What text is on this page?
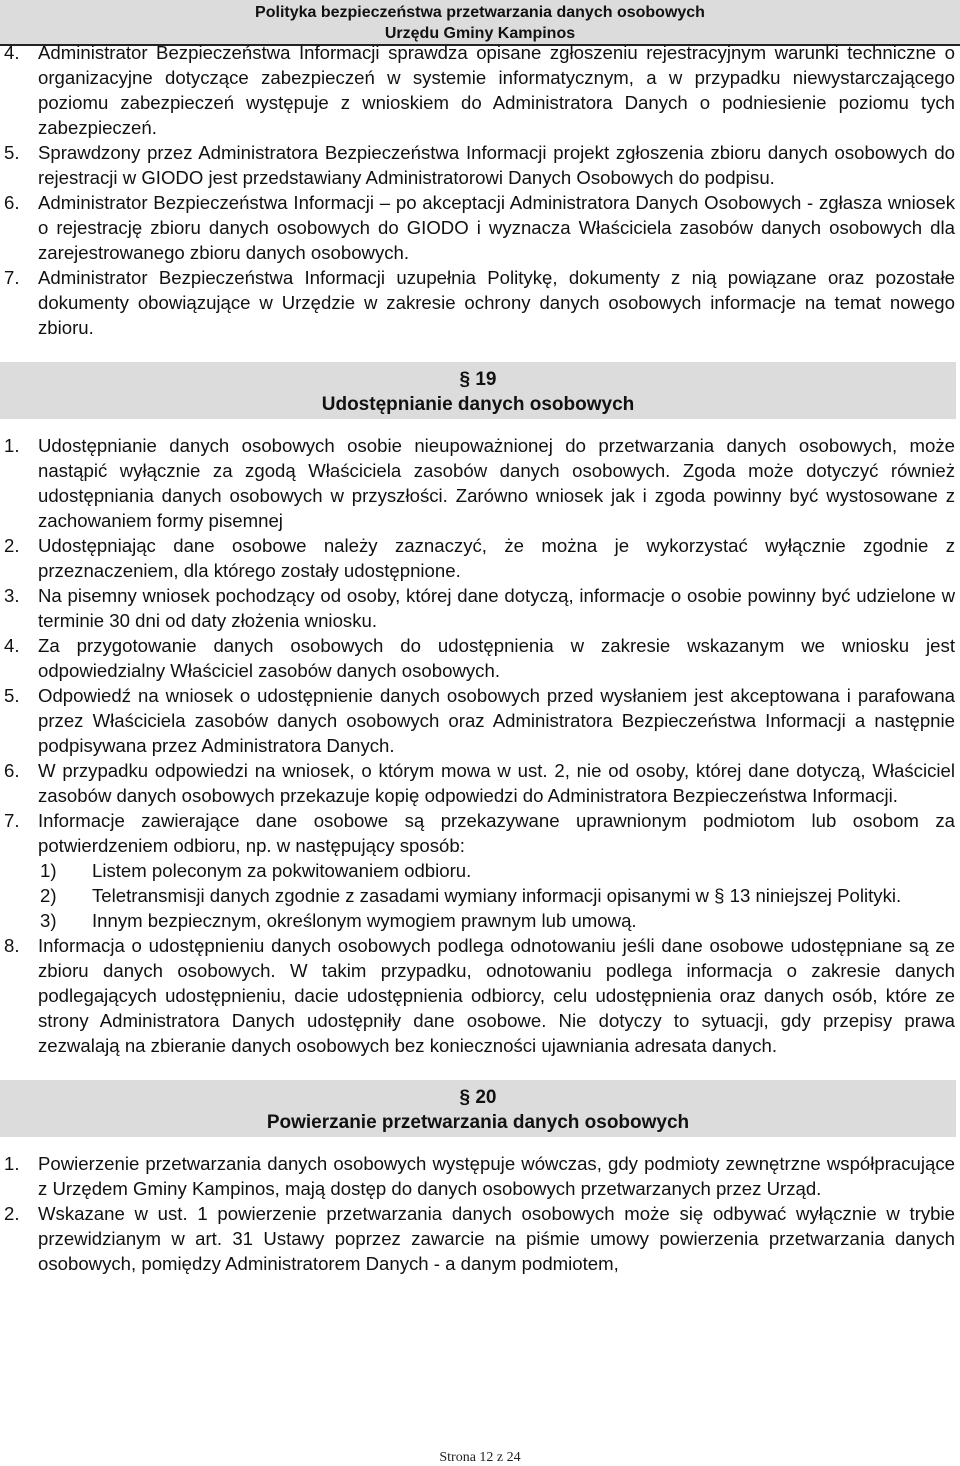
Polityka bezpieczeństwa przetwarzania danych osobowych
Urzędu Gminy Kampinos
4. Administrator Bezpieczeństwa Informacji sprawdza opisane zgłoszeniu rejestracyjnym warunki techniczne o organizacyjne dotyczące zabezpieczeń w systemie informatycznym, a w przypadku niewystarczającego poziomu zabezpieczeń występuje z wnioskiem do Administratora Danych o podniesienie poziomu tych zabezpieczeń.
5. Sprawdzony przez Administratora Bezpieczeństwa Informacji projekt zgłoszenia zbioru danych osobowych do rejestracji w GIODO jest przedstawiany Administratorowi Danych Osobowych do podpisu.
6. Administrator Bezpieczeństwa Informacji – po akceptacji Administratora Danych Osobowych - zgłasza wniosek o rejestrację zbioru danych osobowych do GIODO i wyznacza Właściciela zasobów danych osobowych dla zarejestrowanego zbioru danych osobowych.
7. Administrator Bezpieczeństwa Informacji uzupełnia Politykę, dokumenty z nią powiązane oraz pozostałe dokumenty obowiązujące w Urzędzie w zakresie ochrony danych osobowych informacje na temat nowego zbioru.
§ 19
Udostępnianie danych osobowych
1. Udostępnianie danych osobowych osobie nieupoważnionej do przetwarzania danych osobowych, może nastąpić wyłącznie za zgodą Właściciela zasobów danych osobowych. Zgoda może dotyczyć również udostępniania danych osobowych w przyszłości. Zarówno wniosek jak i zgoda powinny być wystosowane z zachowaniem formy pisemnej
2. Udostępniając dane osobowe należy zaznaczyć, że można je wykorzystać wyłącznie zgodnie z przeznaczeniem, dla którego zostały udostępnione.
3. Na pisemny wniosek pochodzący od osoby, której dane dotyczą, informacje o osobie powinny być udzielone w terminie 30 dni od daty złożenia wniosku.
4. Za przygotowanie danych osobowych do udostępnienia w zakresie wskazanym we wniosku jest odpowiedzialny Właściciel zasobów danych osobowych.
5. Odpowiedź na wniosek o udostępnienie danych osobowych przed wysłaniem jest akceptowana i parafowana przez Właściciela zasobów danych osobowych oraz Administratora Bezpieczeństwa Informacji a następnie podpisywana przez Administratora Danych.
6. W przypadku odpowiedzi na wniosek, o którym mowa w ust. 2, nie od osoby, której dane dotyczą, Właściciel zasobów danych osobowych przekazuje kopię odpowiedzi do Administratora Bezpieczeństwa Informacji.
7. Informacje zawierające dane osobowe są przekazywane uprawnionym podmiotom lub osobom za potwierdzeniem odbioru, np. w następujący sposób:
1)	Listem poleconym za pokwitowaniem odbioru.
2)	Teletransmisji danych zgodnie z zasadami wymiany informacji opisanymi w § 13 niniejszej Polityki.
3)	Innym bezpiecznym, określonym wymogiem prawnym lub umową.
8. Informacja o udostępnieniu danych osobowych podlega odnotowaniu jeśli dane osobowe udostępniane są ze zbioru danych osobowych. W takim przypadku, odnotowaniu podlega informacja o zakresie danych podlegających udostępnieniu, dacie udostępnienia odbiorcy, celu udostępnienia oraz danych osób, które ze strony Administratora Danych udostępniły dane osobowe. Nie dotyczy to sytuacji, gdy przepisy prawa zezwalają na zbieranie danych osobowych bez konieczności ujawniania adresata danych.
§ 20
Powierzanie przetwarzania danych osobowych
1. Powierzenie przetwarzania danych osobowych występuje wówczas, gdy podmioty zewnętrzne współpracujące z Urzędem Gminy Kampinos, mają dostęp do danych osobowych przetwarzanych przez Urząd.
2. Wskazane w ust. 1 powierzenie przetwarzania danych osobowych może się odbywać wyłącznie w trybie przewidzianym w art. 31 Ustawy poprzez zawarcie na piśmie umowy powierzenia przetwarzania danych osobowych, pomiędzy Administratorem Danych - a danym podmiotem,
Strona 12 z 24
